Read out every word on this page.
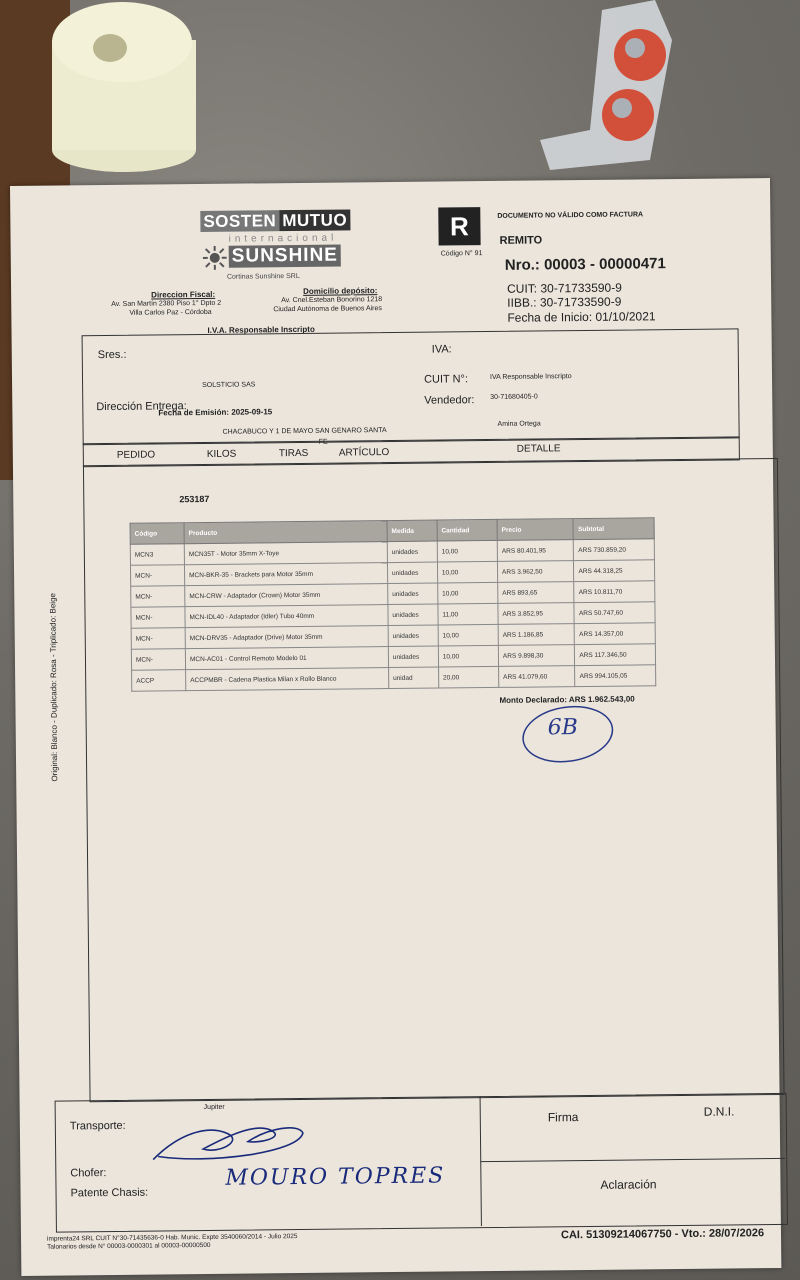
SOSTEN MUTUO
internacional
SUNSHINE
Cortinas Sunshine SRL
Direccion Fiscal:
Av. San Martín 2380 Piso 1° Dpto 2
Villa Carlos Paz - Córdoba
Domicilio depósito:
Av. Cnel.Esteban Bonorino 1218
Ciudad Autónoma de Buenos Aires
I.V.A. Responsable Inscripto
R
Código N° 91
DOCUMENTO NO VÁLIDO COMO FACTURA
REMITO
Nro.: 00003 - 00000471
CUIT: 30-71733590-9
IIBB.: 30-71733590-9
Fecha de Inicio: 01/10/2021
Sres.:	IVA:
SOLSTICIO SAS	CUIT N°:	IVA Responsable Inscripto
Dirección Entrega:
Fecha de Emisión: 2025-09-15
Vendedor: 30-71680405-0
CHACABUCO Y 1 DE MAYO SAN GENARO SANTA
Amina Ortega
FE
PEDIDO	KILOS	TIRAS	ARTÍCULO	DETALLE
253187
Código	Producto	Medida	Cantidad	Precio	Subtotal
MCN3	MCN35T - Motor 35mm X-Toye	unidades	10,00	ARS 80.401,95	ARS 730.859,20
MCN-	MCN-BKR-35 - Brackets para Motor 35mm	unidades	10,00	ARS 3.962,50	ARS 44.318,25
MCN-	MCN-CRW - Adaptador (Crown) Motor 35mm	unidades	10,00	ARS 893,65	ARS 10.811,70
MCN-	MCN-IDL40 - Adaptador (Idler) Tubo 40mm	unidades	11,00	ARS 3.852,95	ARS 50.747,60
MCN-	MCN-DRV35 - Adaptador (Drive) Motor 35mm	unidades	10,00	ARS 1.186,85	ARS 14.357,00
MCN-	MCN-AC01 - Control Remoto Modelo 01	unidades	10,00	ARS 9.898,30	ARS 117.346,50
ACCP	ACCPMBR - Cadena Plastica Milan x Rollo Blanco	unidad	20,00	ARS 41.079,60	ARS 994.105,05
Monto Declarado: ARS 1.962.543,00
6B
Original: Blanco - Duplicado: Rosa - Triplicado: Beige
Transporte:
Jupiter
Chofer:
Patente Chasis:
MOURO TOPRES
Firma	D.N.I.
Aclaración
imprenta24 SRL CUIT N°30-71435636-0 Hab. Munic. Expte 3540060/2014 - Julio 2025
Talonarios desde N° 00003-0000301 al 00003-00000500
CAI. 51309214067750 - Vto.: 28/07/2026
